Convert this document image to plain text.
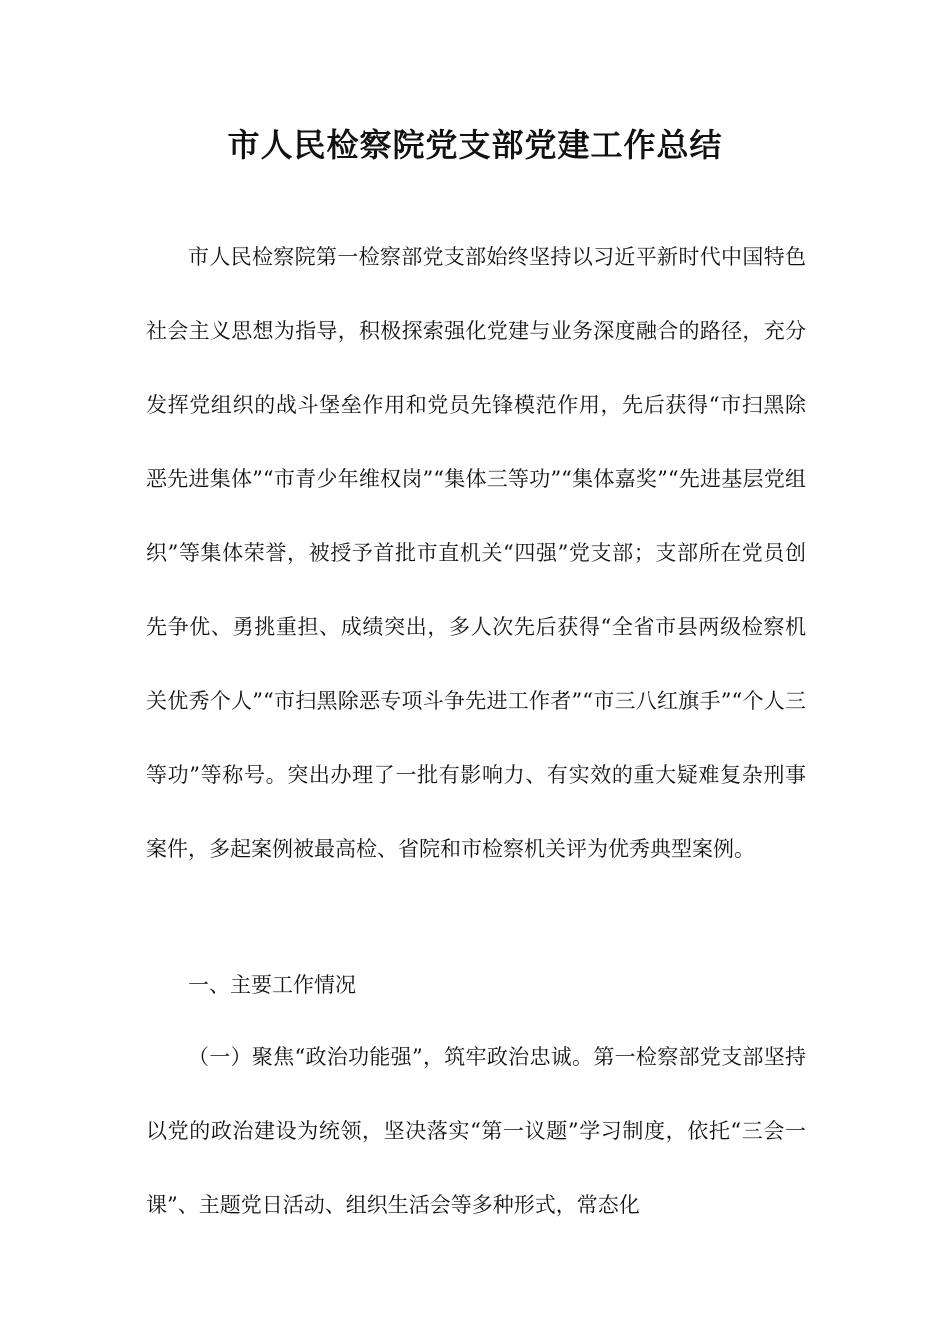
市人民检察院党支部党建工作总结

市人民检察院第一检察部党支部始终坚持以习近平新时代中国特色社会主义思想为指导，积极探索强化党建与业务深度融合的路径，充分发挥党组织的战斗堡垒作用和党员先锋模范作用，先后获得“市扫黑除恶先进集体”“市青少年维权岗”“集体三等功”“集体嘉奖”“先进基层党组织”等集体荣誉，被授予首批市直机关“四强”党支部；支部所在党员创先争优、勇挑重担、成绩突出，多人次先后获得“全省市县两级检察机关优秀个人”“市扫黑除恶专项斗争先进工作者”“市三八红旗手”“个人三等功”等称号。突出办理了一批有影响力、有实效的重大疑难复杂刑事案件，多起案例被最高检、省院和市检察机关评为优秀典型案例。

一、主要工作情况

（一）聚焦“政治功能强”，筑牢政治忠诚。第一检察部党支部坚持以党的政治建设为统领，坚决落实“第一议题”学习制度，依托“三会一课”、主题党日活动、组织生活会等多种形式，常态化
